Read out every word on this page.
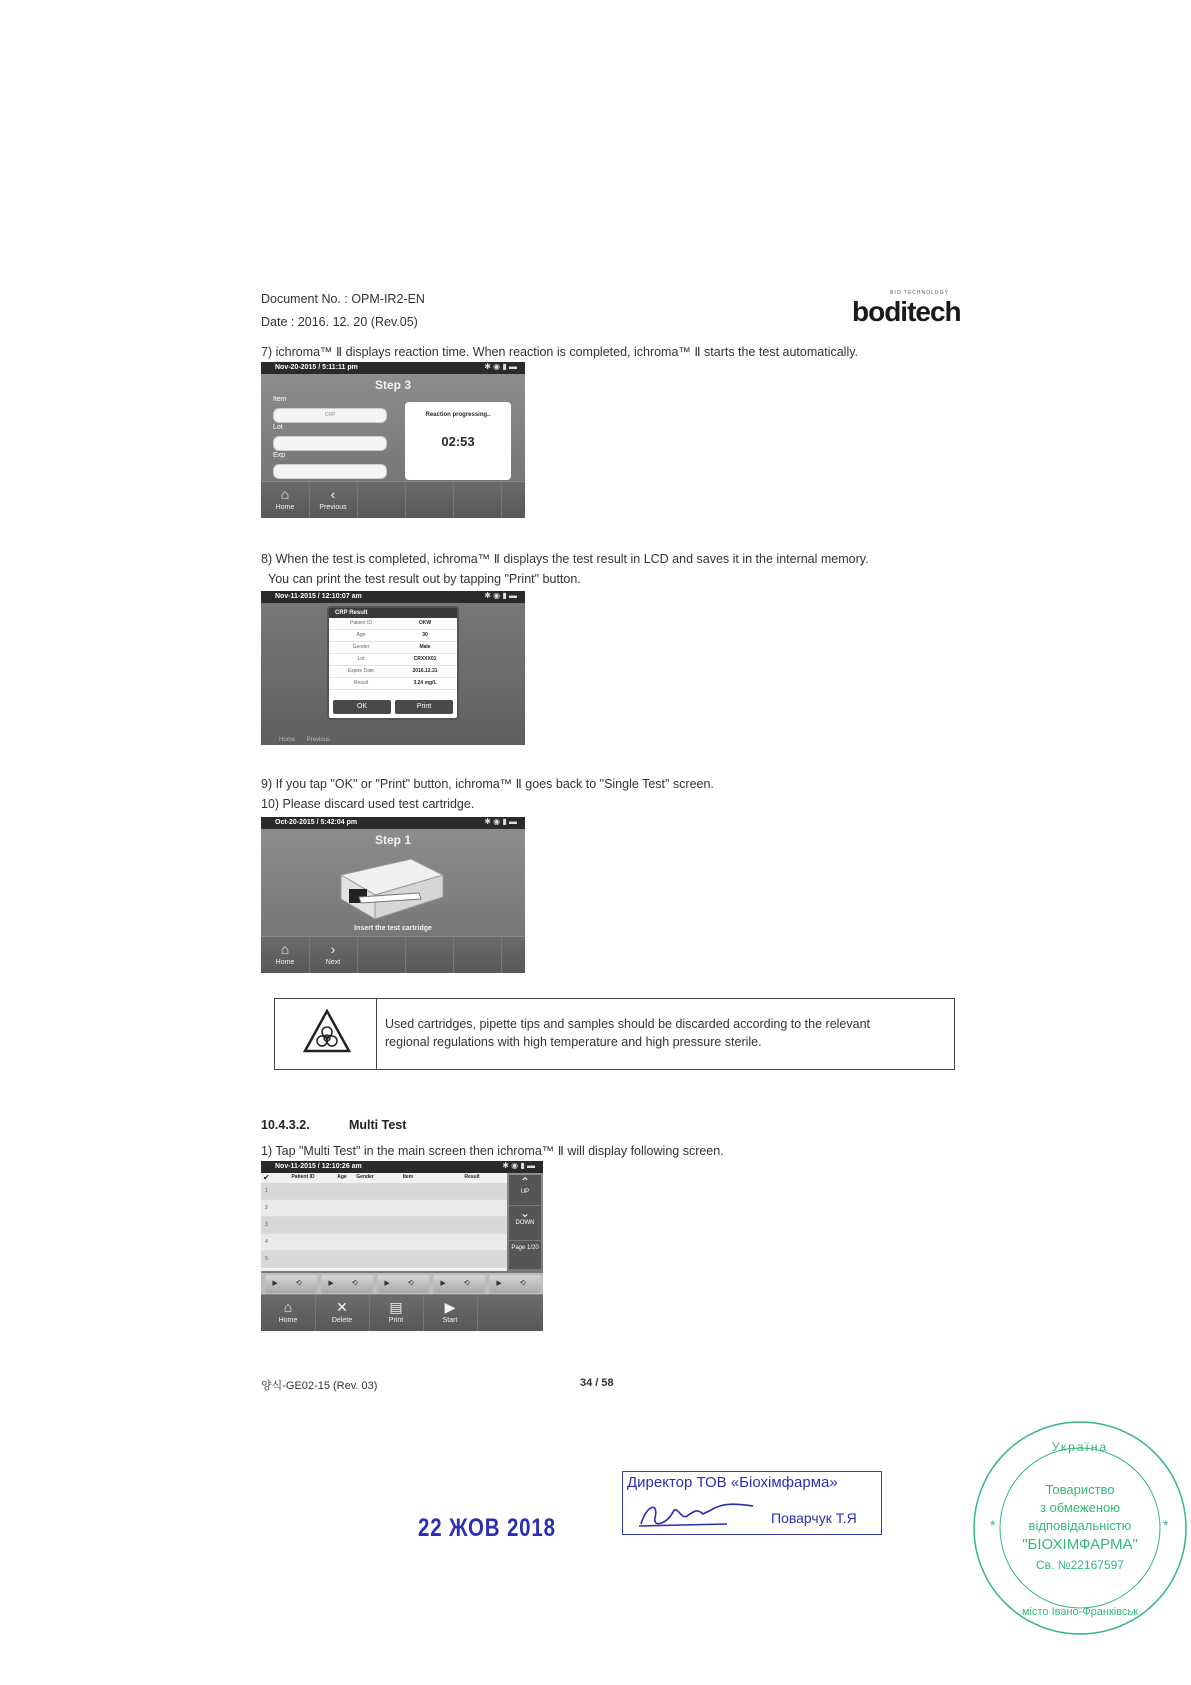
Document No. : OPM-IR2-EN
Date : 2016. 12. 20 (Rev.05)
BIO TECHNOLOGY
boditech
7) ichroma™ Ⅱ displays reaction time. When reaction is completed, ichroma™ Ⅱ starts the test automatically.
Nov-20-2015 / 5:11:11 pm	✱ ◉ ▮ ▬
Step 3
Item
CRP
Lot
Exp
Reaction progressing..
02:53
⌂
Home
‹
Previous
8) When the test is completed, ichroma™ Ⅱ displays the test result in LCD and saves it in the internal memory.
You can print the test result out by tapping "Print" button.
Nov-11-2015 / 12:10:07 am	✱ ◉ ▮ ▬
CRP Result
Patient ID	OKW
Age	30
Gender	Male
Lot	CRXXX01
Expire Date	2016.12.31
Result	3.24 mg/L
OK	Print
Home Previous
9) If you tap "OK" or "Print" button, ichroma™ Ⅱ goes back to "Single Test" screen.
10) Please discard used test cartridge.
Oct-20-2015 / 5:42:04 pm	✱ ◉ ▮ ▬
Step 1
Insert the test cartridge
⌂
Home
›
Next
Used cartridges, pipette tips and samples should be discarded according to the relevant
regional regulations with high temperature and high pressure sterile.
10.4.3.2.	Multi Test
1) Tap "Multi Test" in the main screen then ichroma™ Ⅱ will display following screen.
Nov-11-2015 / 12:10:26 am	✱ ◉ ▮ ▬
✔	Patient ID	Age	Gender	Item	Result
1
2
3
4
5
⌃
UP
⌄
DOWN
Page 1/20
▶ ⟲	▶ ⟲	▶ ⟲	▶ ⟲	▶ ⟲
⌂
Home
✕
Delete
▤
Print
▶
Start
양식-GE02-15 (Rev. 03)	34 / 58
22 ЖОВ 2018
Директор ТОВ «Біохімфарма»
Поварчук Т.Я	*	*
Україна
Товариство
з обмеженою
відповідальністю
"БІОХІМФАРМА"
Св. №22167597
місто Івано-Франківськ
